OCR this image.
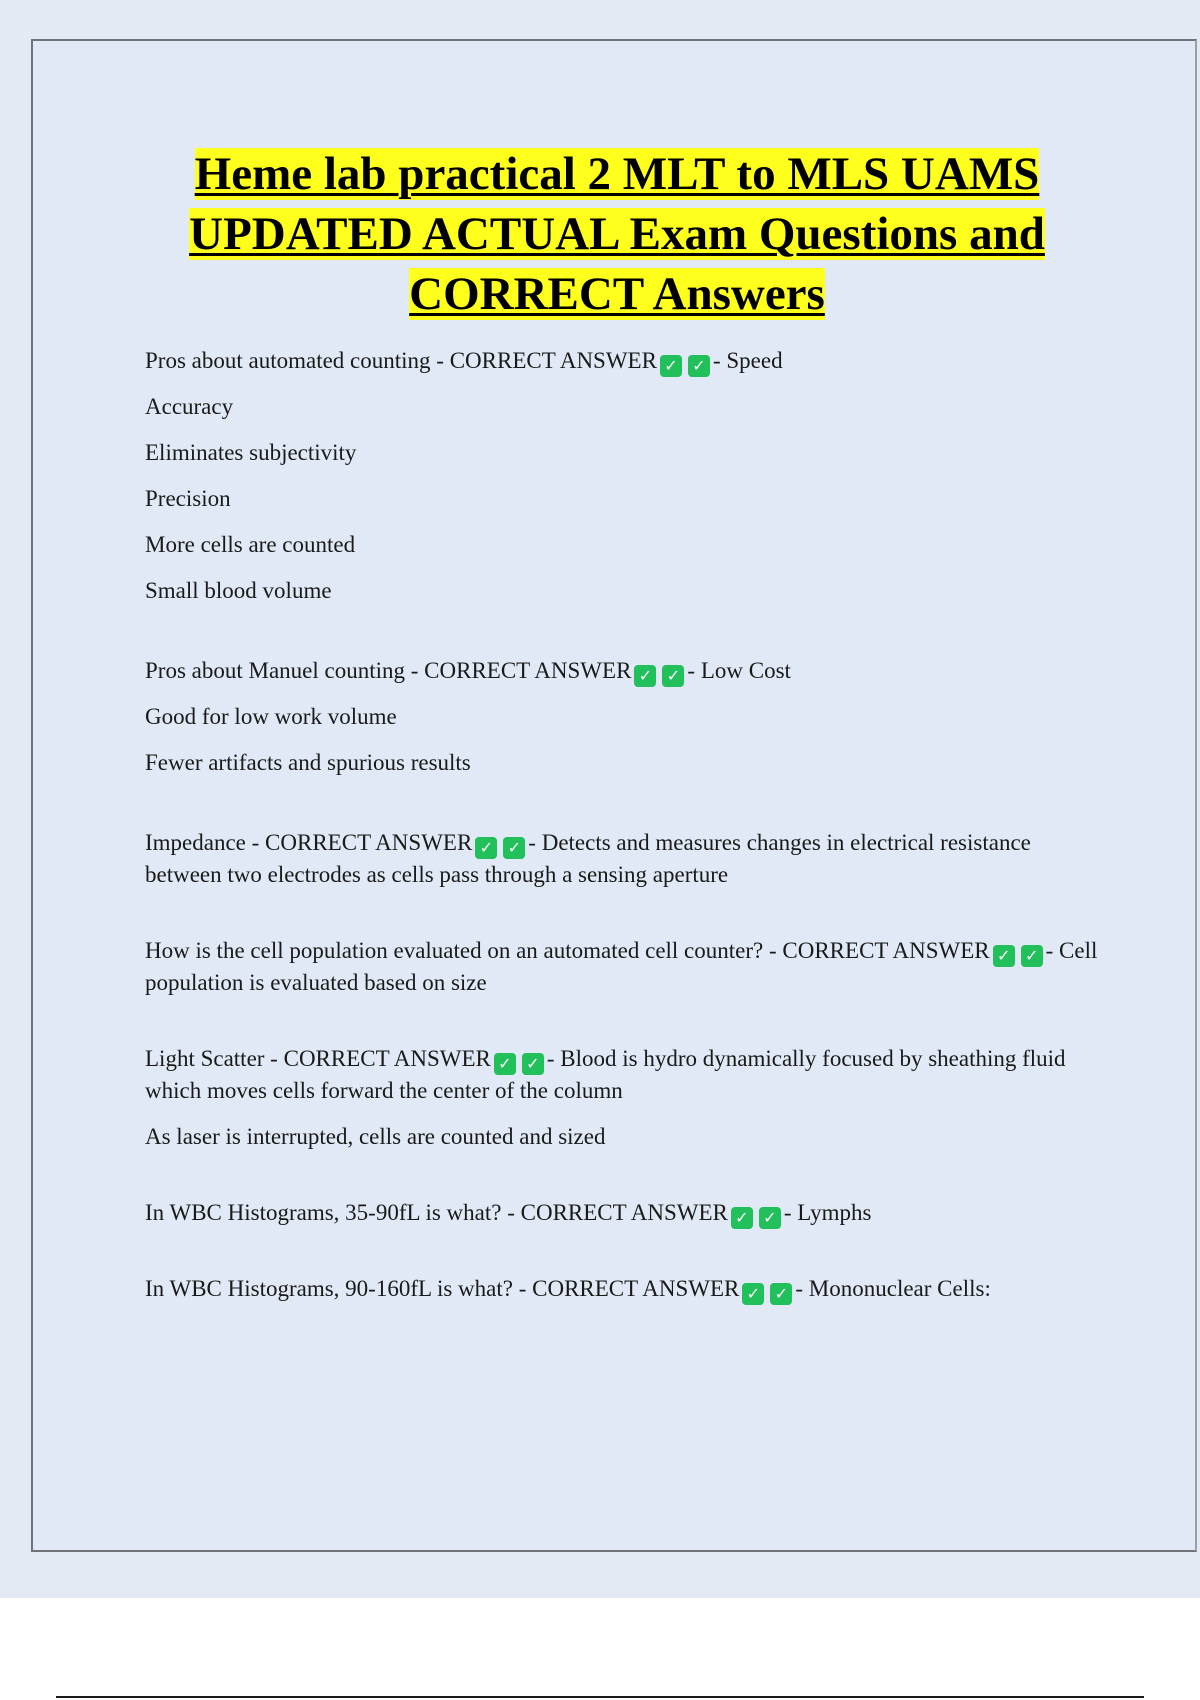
Heme lab practical 2 MLT to MLS UAMS
UPDATED ACTUAL Exam Questions and
CORRECT Answers

Pros about automated counting - CORRECT ANSWER ✓ ✓ - Speed

Accuracy

Eliminates subjectivity

Precision

More cells are counted

Small blood volume

Pros about Manuel counting - CORRECT ANSWER ✓ ✓ - Low Cost

Good for low work volume

Fewer artifacts and spurious results

Impedance - CORRECT ANSWER ✓ ✓ - Detects and measures changes in electrical resistance between two electrodes as cells pass through a sensing aperture

How is the cell population evaluated on an automated cell counter? - CORRECT ANSWER ✓ ✓ - Cell population is evaluated based on size

Light Scatter - CORRECT ANSWER ✓ ✓ - Blood is hydro dynamically focused by sheathing fluid which moves cells forward the center of the column

As laser is interrupted, cells are counted and sized

In WBC Histograms, 35-90fL is what? - CORRECT ANSWER ✓ ✓ - Lymphs

In WBC Histograms, 90-160fL is what? - CORRECT ANSWER ✓ ✓ - Mononuclear Cells:
